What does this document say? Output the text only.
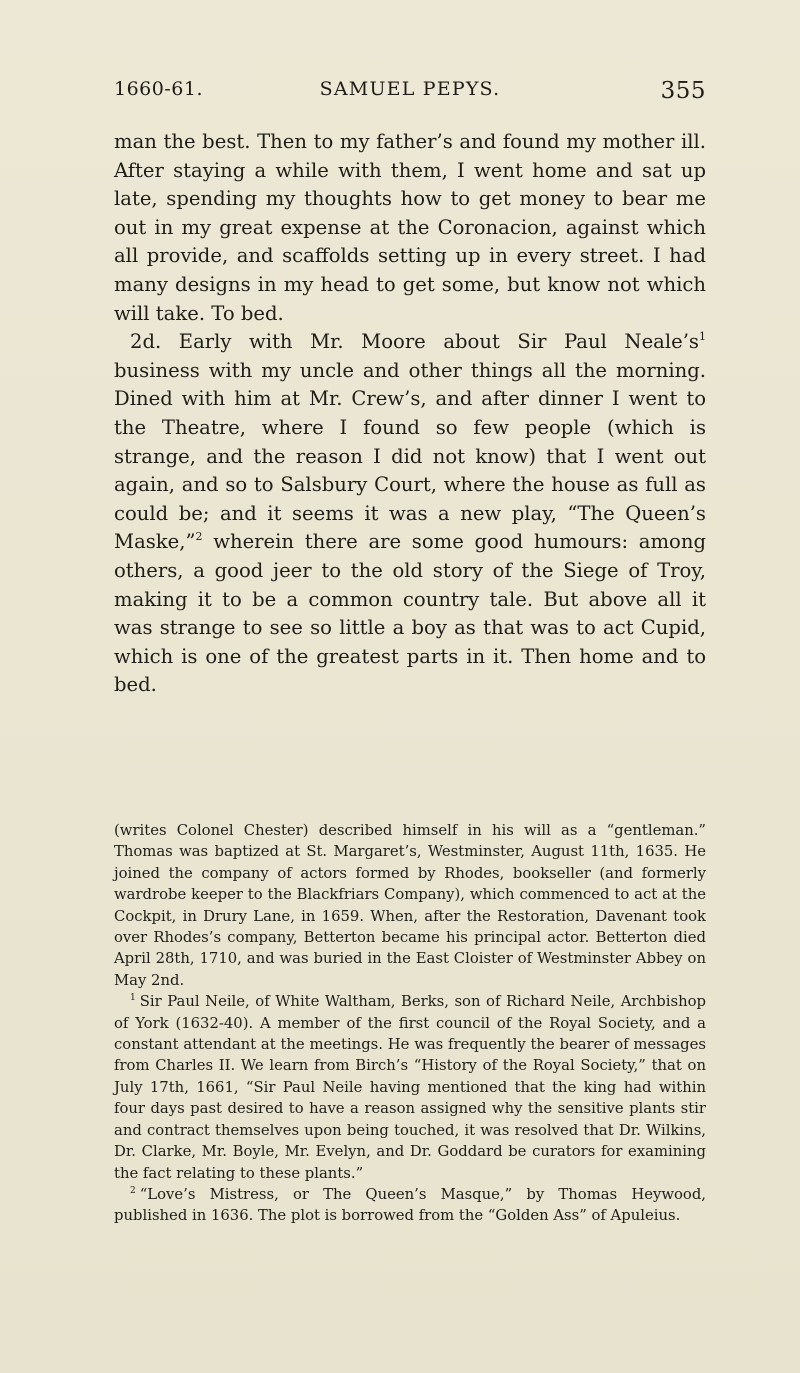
1660-61.	SAMUEL PEPYS.	355

man the best. Then to my father’s and found my mother ill. After staying a while with them, I went home and sat up late, spending my thoughts how to get money to bear me out in my great expense at the Coronacion, against which all provide, and scaffolds setting up in every street. I had many designs in my head to get some, but know not which will take. To bed.

2d. Early with Mr. Moore about Sir Paul Neale’s$^1$ business with my uncle and other things all the morning. Dined with him at Mr. Crew’s, and after dinner I went to the Theatre, where I found so few people (which is strange, and the reason I did not know) that I went out again, and so to Salsbury Court, where the house as full as could be; and it seems it was a new play, “The Queen’s Maske,”$^2$ wherein there are some good humours: among others, a good jeer to the old story of the Siege of Troy, making it to be a common country tale. But above all it was strange to see so little a boy as that was to act Cupid, which is one of the greatest parts in it. Then home and to bed.

(writes Colonel Chester) described himself in his will as a “gentleman.” Thomas was baptized at St. Margaret’s, Westminster, August 11th, 1635. He joined the company of actors formed by Rhodes, bookseller (and formerly wardrobe keeper to the Blackfriars Company), which commenced to act at the Cockpit, in Drury Lane, in 1659. When, after the Restoration, Davenant took over Rhodes’s company, Betterton became his principal actor. Betterton died April 28th, 1710, and was buried in the East Cloister of Westminster Abbey on May 2nd.

$^1$ Sir Paul Neile, of White Waltham, Berks, son of Richard Neile, Archbishop of York (1632-40). A member of the first council of the Royal Society, and a constant attendant at the meetings. He was frequently the bearer of messages from Charles II. We learn from Birch’s “History of the Royal Society,” that on July 17th, 1661, “Sir Paul Neile having mentioned that the king had within four days past desired to have a reason assigned why the sensitive plants stir and contract themselves upon being touched, it was resolved that Dr. Wilkins, Dr. Clarke, Mr. Boyle, Mr. Evelyn, and Dr. Goddard be curators for examining the fact relating to these plants.”

$^2$ “Love’s Mistress, or The Queen’s Masque,” by Thomas Heywood, published in 1636. The plot is borrowed from the “Golden Ass” of Apuleius.
